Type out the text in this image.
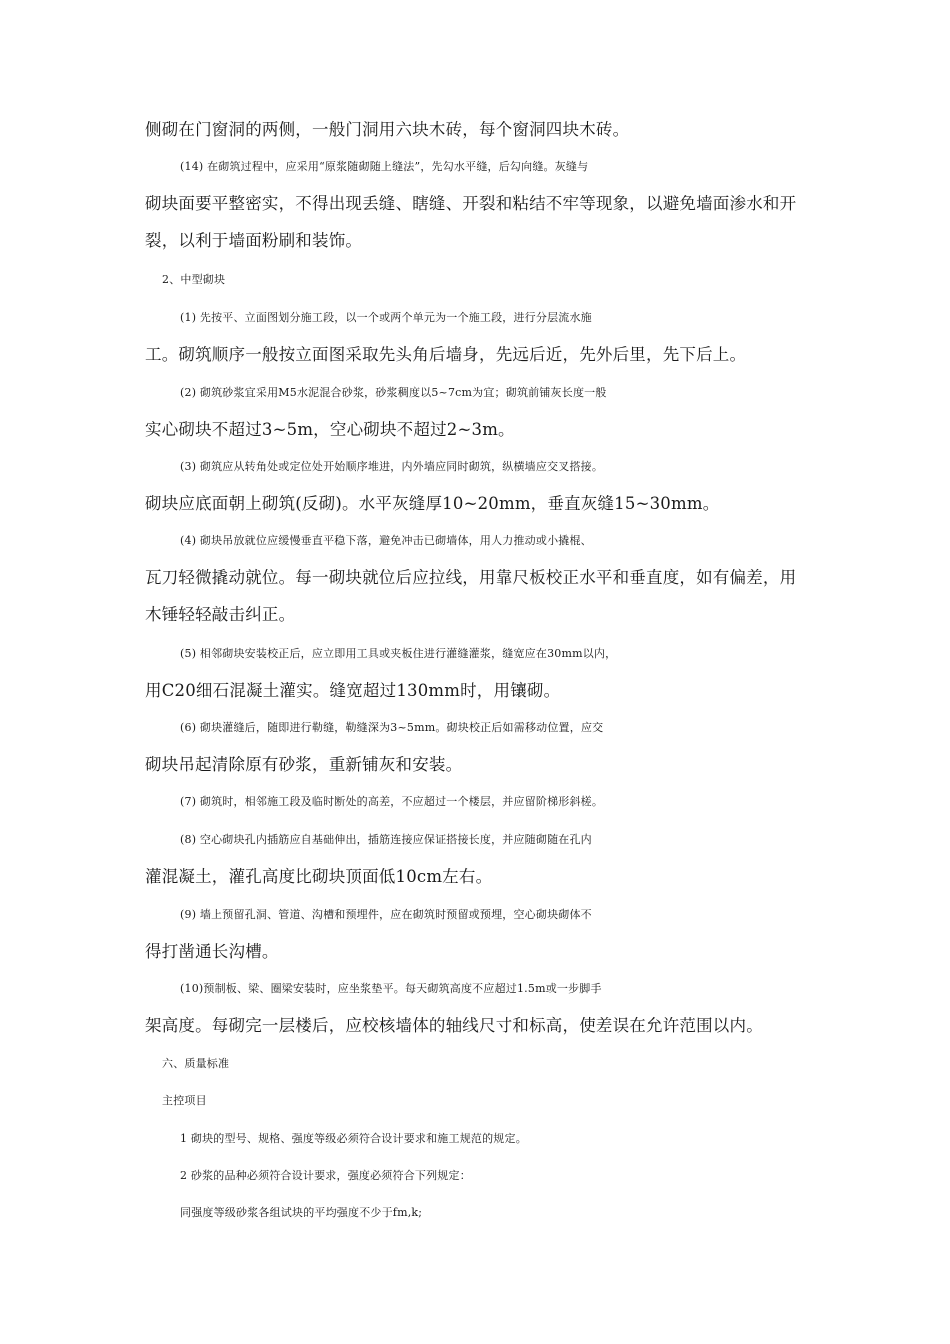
侧砌在门窗洞的两侧，一般门洞用六块木砖，每个窗洞四块木砖。
(14) 在砌筑过程中，应采用“原浆随砌随上缝法”，先勾水平缝，后勾向缝。灰缝与
砌块面要平整密实，不得出现丢缝、瞎缝、开裂和粘结不牢等现象，以避免墙面渗水和开
裂，以利于墙面粉刷和装饰。
2、中型砌块
(1) 先按平、立面图划分施工段，以一个或两个单元为一个施工段，进行分层流水施
工。砌筑顺序一般按立面图采取先头角后墙身，先远后近，先外后里，先下后上。
(2) 砌筑砂浆宜采用M5水泥混合砂浆，砂浆稠度以5~7cm为宜；砌筑前铺灰长度一般
实心砌块不超过3~5m，空心砌块不超过2~3m。
(3) 砌筑应从转角处或定位处开始顺序堆进，内外墙应同时砌筑，纵横墙应交叉搭接。
砌块应底面朝上砌筑(反砌)。水平灰缝厚10~20mm，垂直灰缝15~30mm。
(4) 砌块吊放就位应缓慢垂直平稳下落，避免冲击已砌墙体，用人力推动或小撬棍、
瓦刀轻微撬动就位。每一砌块就位后应拉线，用靠尺板校正水平和垂直度，如有偏差，用
木锤轻轻敲击纠正。
(5) 相邻砌块安装校正后，应立即用工具或夹板住进行灌缝灌浆，缝宽应在30mm以内，
用C20细石混凝土灌实。缝宽超过130mm时，用镶砌。
(6) 砌块灌缝后，随即进行勒缝，勒缝深为3~5mm。砌块校正后如需移动位置，应交
砌块吊起清除原有砂浆，重新铺灰和安装。
(7) 砌筑时，相邻施工段及临时断处的高差，不应超过一个楼层，并应留阶梯形斜槎。
(8) 空心砌块孔内插筋应自基础伸出，插筋连接应保证搭接长度，并应随砌随在孔内
灌混凝土，灌孔高度比砌块顶面低10cm左右。
(9) 墙上预留孔洞、管道、沟槽和预埋件，应在砌筑时预留或预埋，空心砌块砌体不
得打凿通长沟槽。
(10)预制板、梁、圈梁安装时，应坐浆垫平。每天砌筑高度不应超过1.5m或一步脚手
架高度。每砌完一层楼后，应校核墙体的轴线尺寸和标高，使差误在允许范围以内。
六、质量标准
主控项目
1 砌块的型号、规格、强度等级必须符合设计要求和施工规范的规定。
2 砂浆的品种必须符合设计要求，强度必须符合下列规定：
同强度等级砂浆各组试块的平均强度不少于fm,k;
